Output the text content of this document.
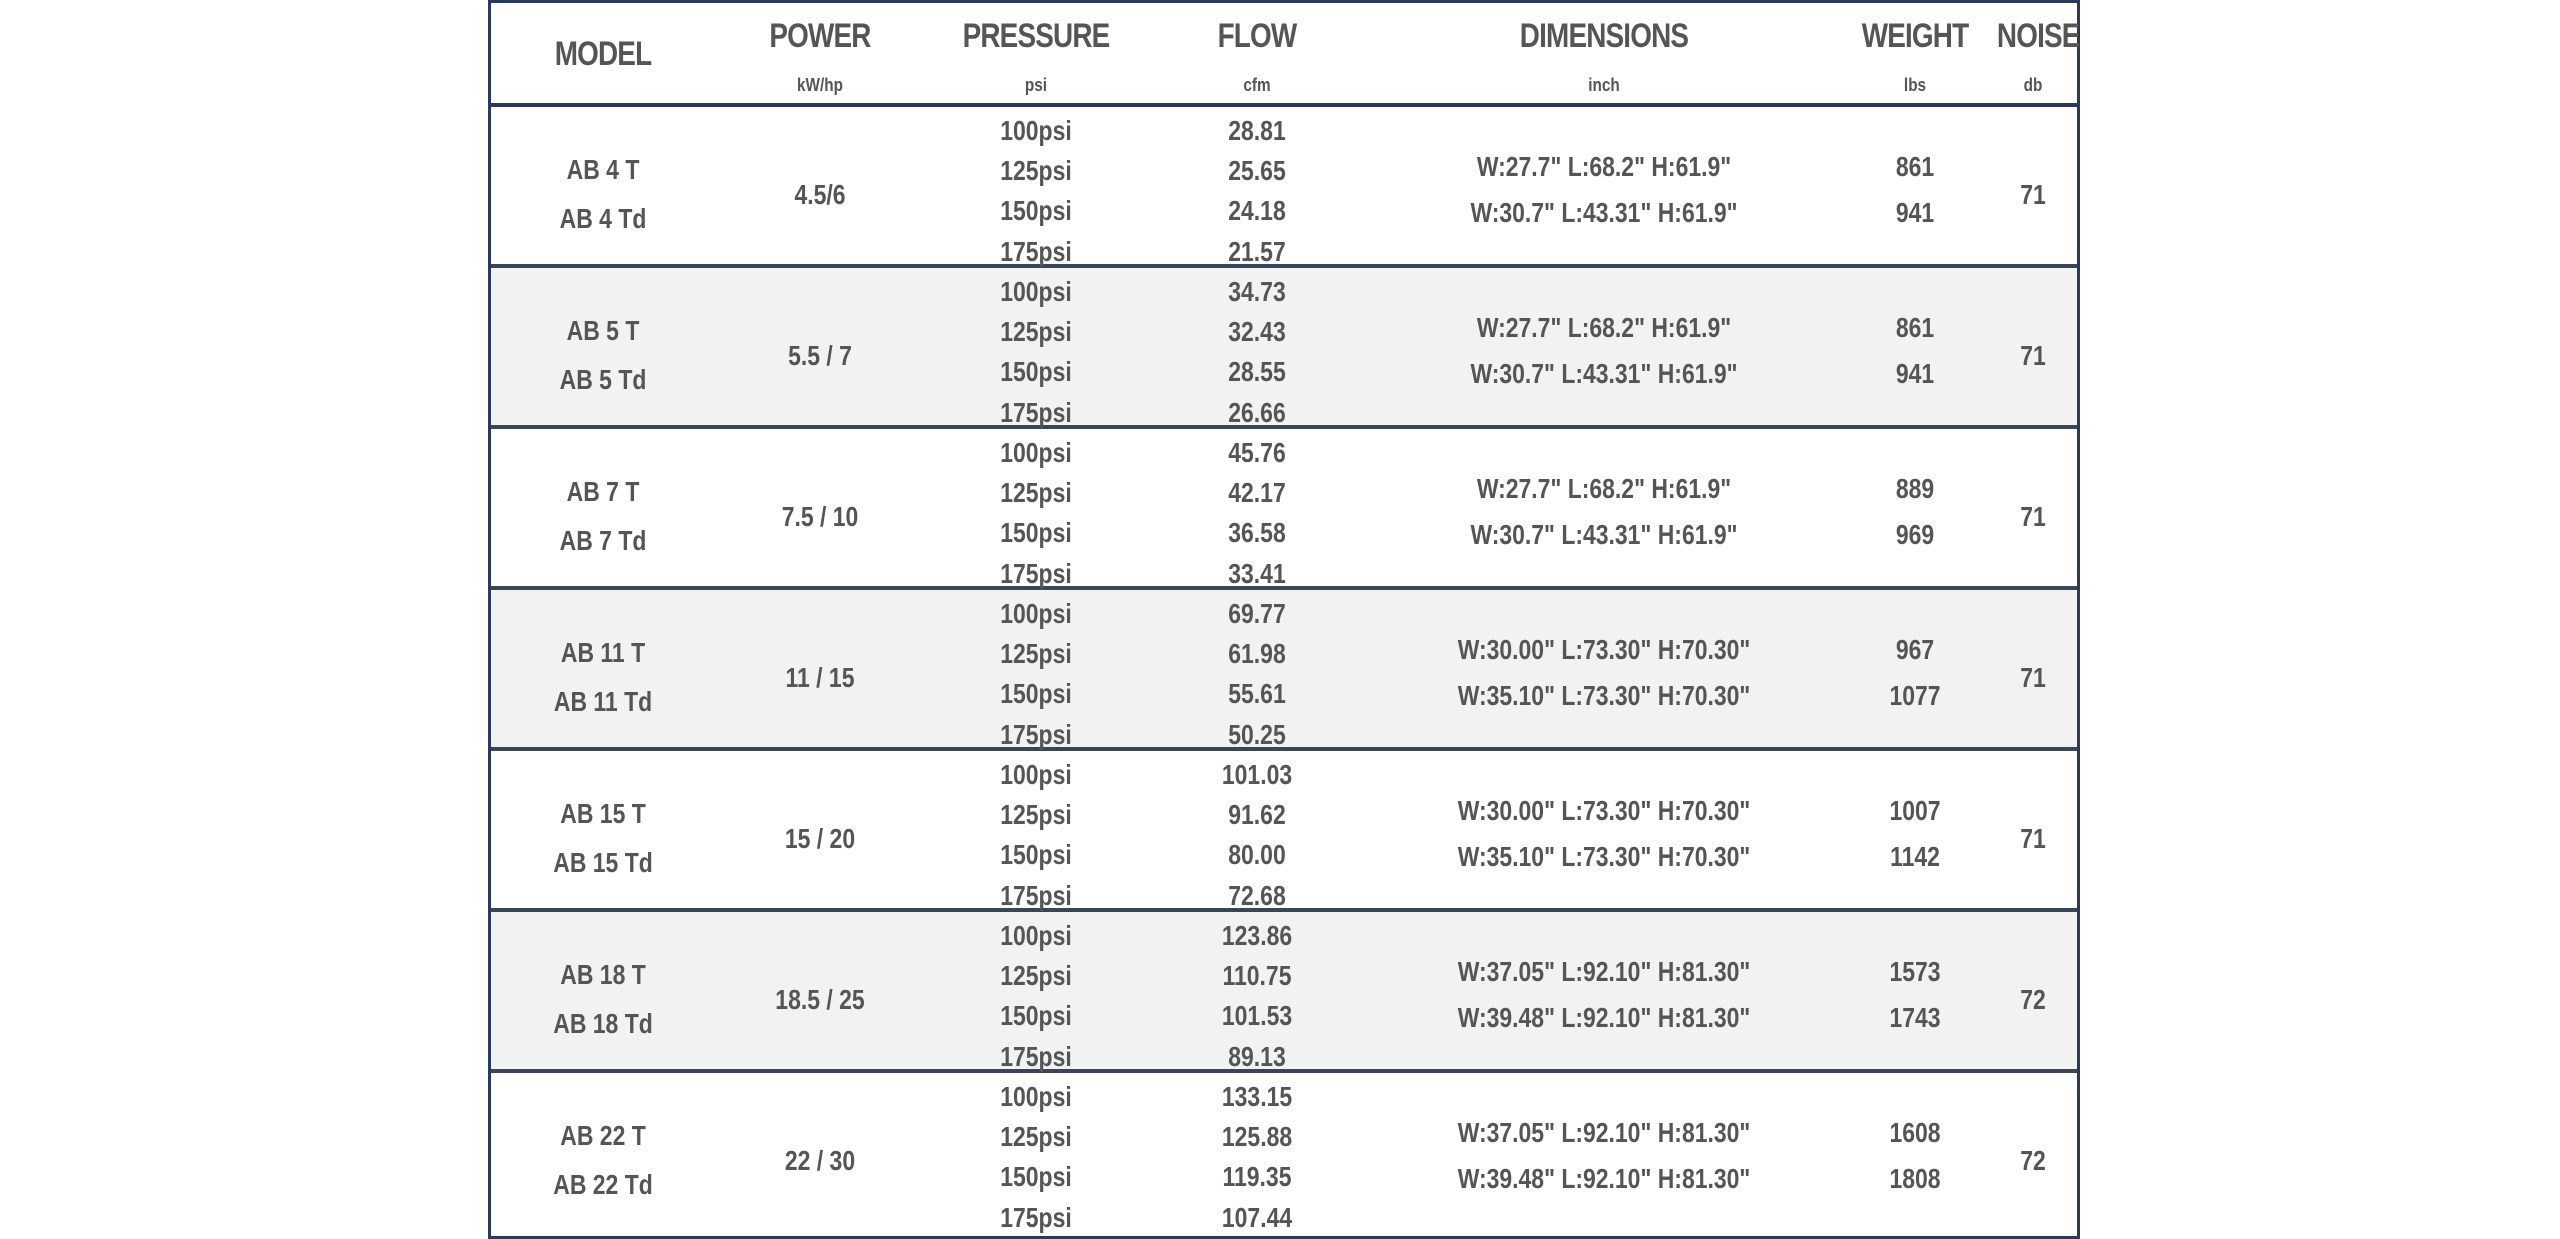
MODEL	POWER
kW/hp
PRESSURE
psi
FLOW
cfm
DIMENSIONS
inch
WEIGHT
lbs
NOISE
db
AB 4 T
AB 4 Td
4.5/6
100psi
125psi
150psi
175psi
28.81
25.65
24.18
21.57
W:27.7" L:68.2" H:61.9"
W:30.7" L:43.31" H:61.9"
861
941
71
AB 5 T
AB 5 Td
5.5 / 7
100psi
125psi
150psi
175psi
34.73
32.43
28.55
26.66
W:27.7" L:68.2" H:61.9"
W:30.7" L:43.31" H:61.9"
861
941
71
AB 7 T
AB 7 Td
7.5 / 10
100psi
125psi
150psi
175psi
45.76
42.17
36.58
33.41
W:27.7" L:68.2" H:61.9"
W:30.7" L:43.31" H:61.9"
889
969
71
AB 11 T
AB 11 Td
11 / 15
100psi
125psi
150psi
175psi
69.77
61.98
55.61
50.25
W:30.00" L:73.30" H:70.30"
W:35.10" L:73.30" H:70.30"
967
1077
71
AB 15 T
AB 15 Td
15 / 20
100psi
125psi
150psi
175psi
101.03
91.62
80.00
72.68
W:30.00" L:73.30" H:70.30"
W:35.10" L:73.30" H:70.30"
1007
1142
71
AB 18 T
AB 18 Td
18.5 / 25
100psi
125psi
150psi
175psi
123.86
110.75
101.53
89.13
W:37.05" L:92.10" H:81.30"
W:39.48" L:92.10" H:81.30"
1573
1743
72
AB 22 T
AB 22 Td
22 / 30
100psi
125psi
150psi
175psi
133.15
125.88
119.35
107.44
W:37.05" L:92.10" H:81.30"
W:39.48" L:92.10" H:81.30"
1608
1808
72
